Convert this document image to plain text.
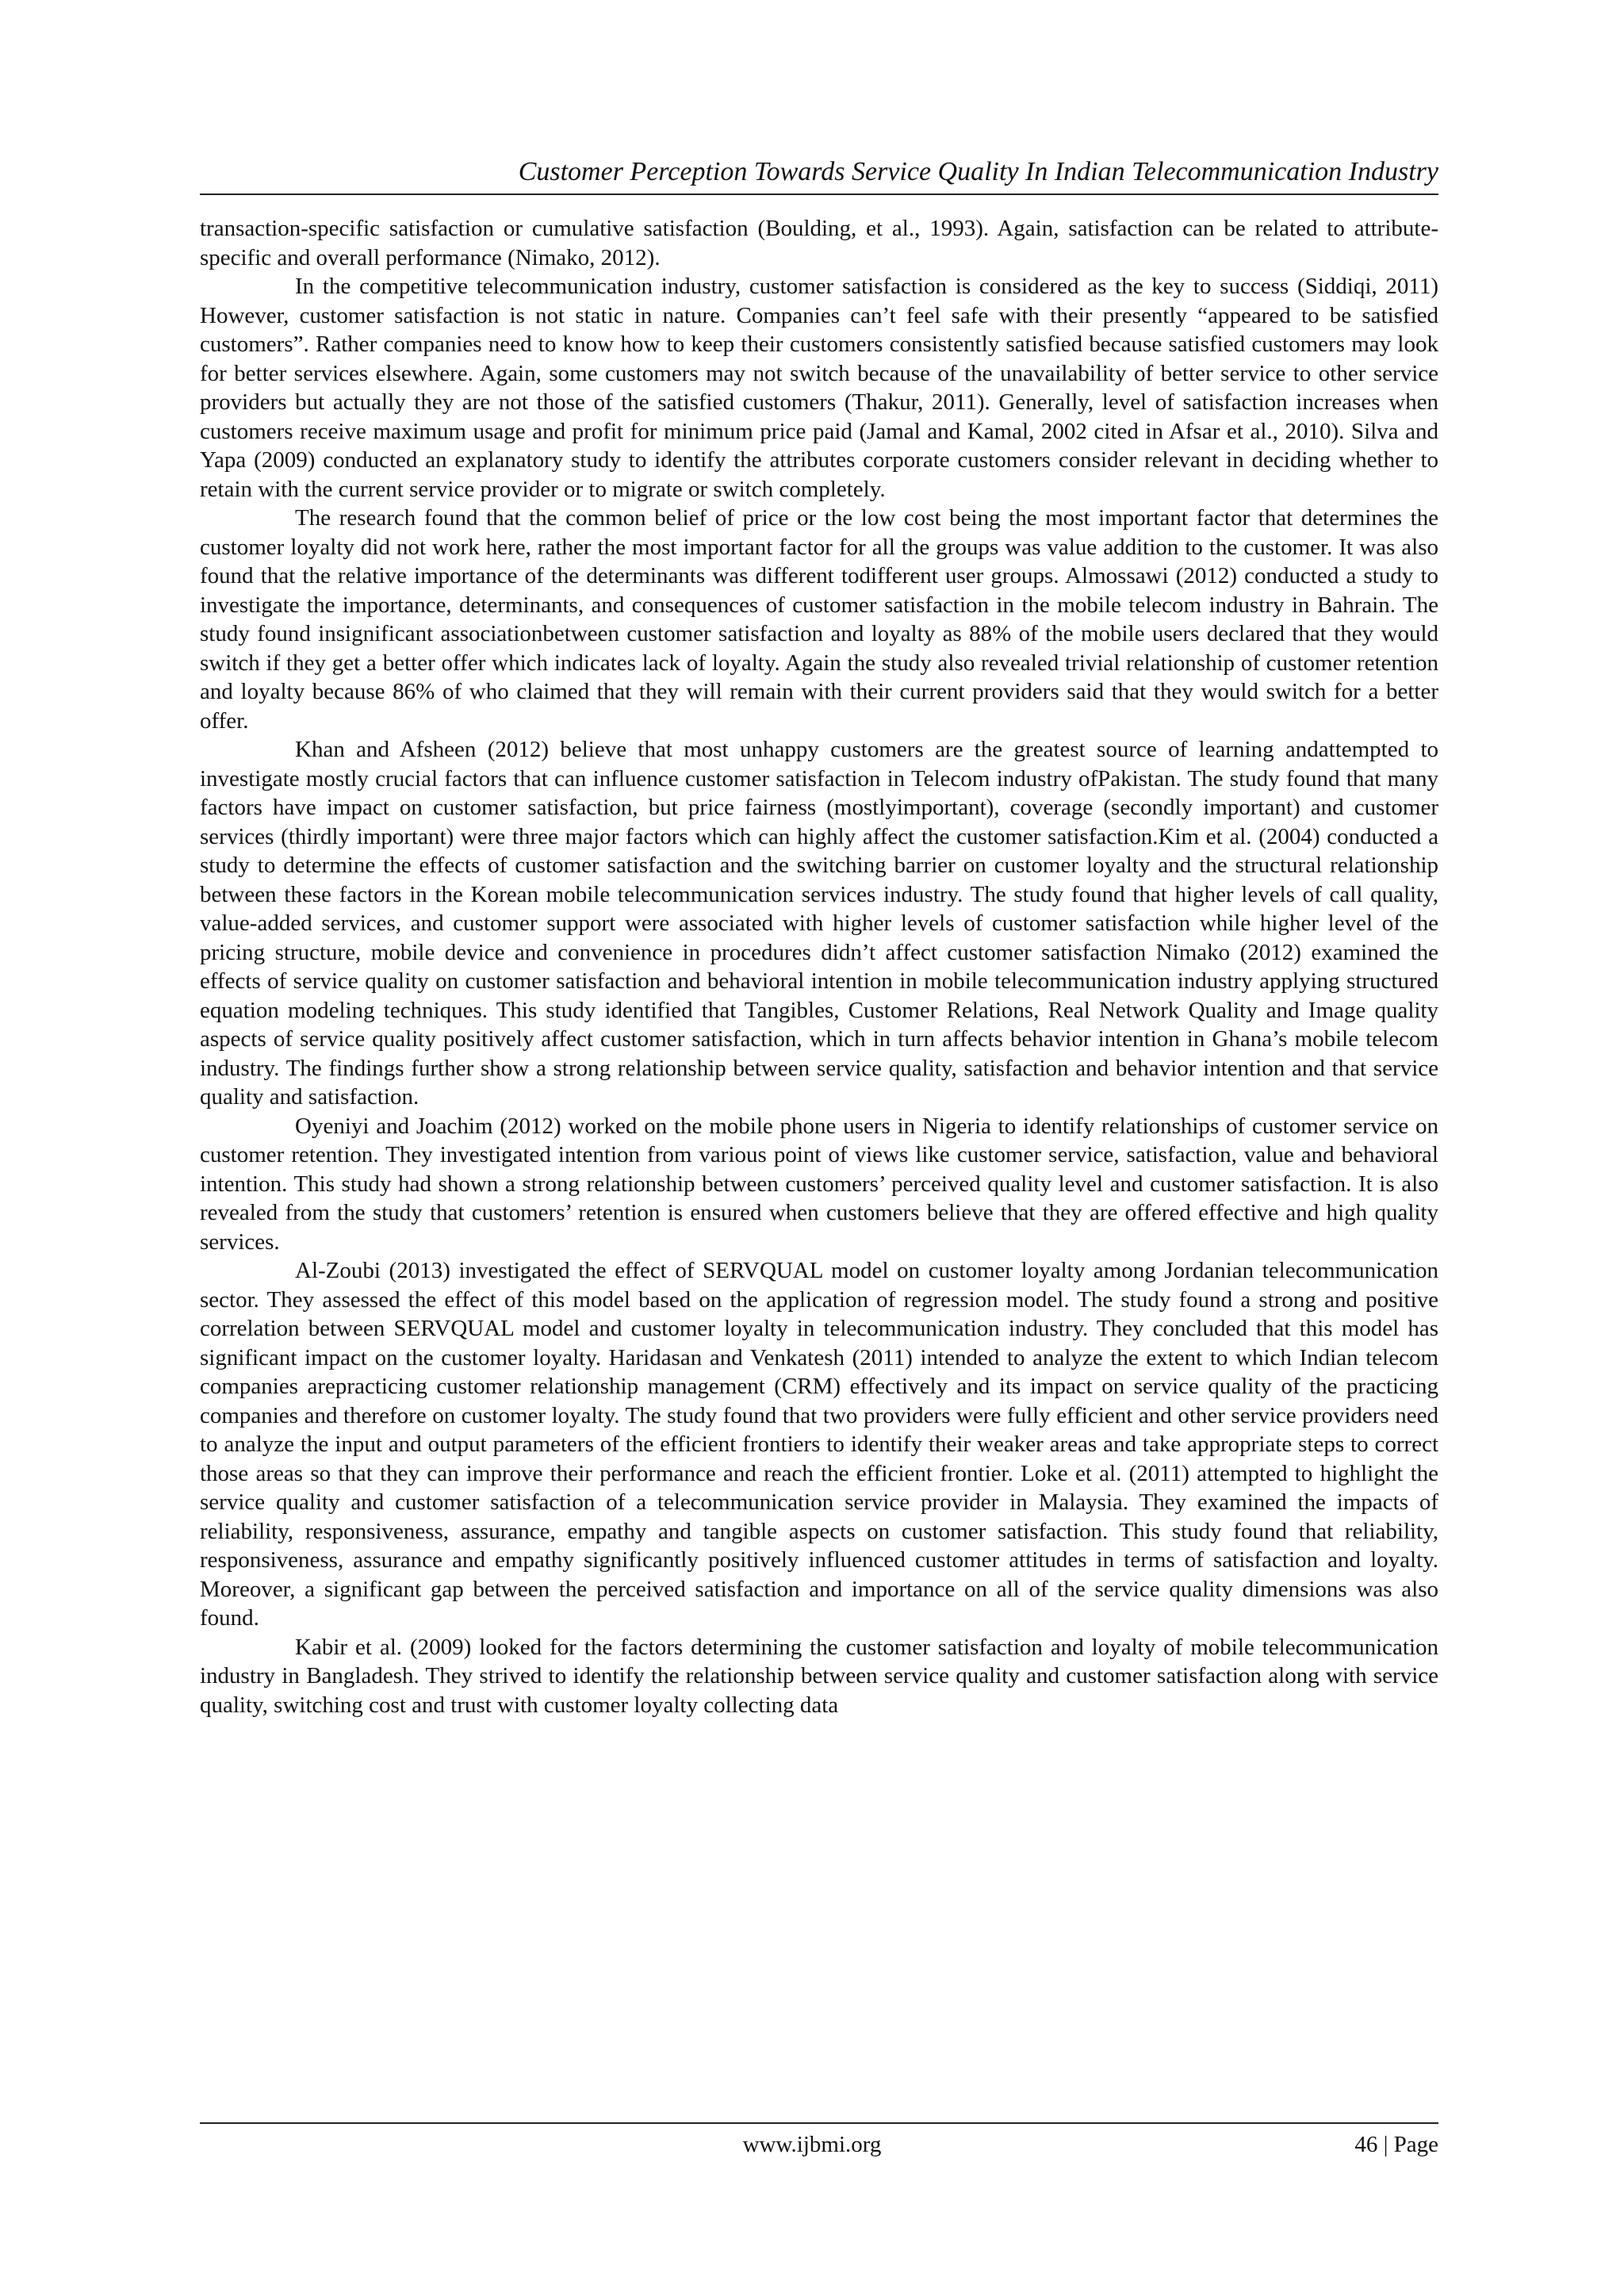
Customer Perception Towards Service Quality In Indian Telecommunication Industry

transaction-specific satisfaction or cumulative satisfaction (Boulding, et al., 1993). Again, satisfaction can be related to attribute-specific and overall performance (Nimako, 2012).

In the competitive telecommunication industry, customer satisfaction is considered as the key to success (Siddiqi, 2011) However, customer satisfaction is not static in nature. Companies can’t feel safe with their presently “appeared to be satisfied customers”. Rather companies need to know how to keep their customers consistently satisfied because satisfied customers may look for better services elsewhere. Again, some customers may not switch because of the unavailability of better service to other service providers but actually they are not those of the satisfied customers (Thakur, 2011). Generally, level of satisfaction increases when customers receive maximum usage and profit for minimum price paid (Jamal and Kamal, 2002 cited in Afsar et al., 2010). Silva and Yapa (2009) conducted an explanatory study to identify the attributes corporate customers consider relevant in deciding whether to retain with the current service provider or to migrate or switch completely.

The research found that the common belief of price or the low cost being the most important factor that determines the customer loyalty did not work here, rather the most important factor for all the groups was value addition to the customer. It was also found that the relative importance of the determinants was different todifferent user groups. Almossawi (2012) conducted a study to investigate the importance, determinants, and consequences of customer satisfaction in the mobile telecom industry in Bahrain. The study found insignificant associationbetween customer satisfaction and loyalty as 88% of the mobile users declared that they would switch if they get a better offer which indicates lack of loyalty. Again the study also revealed trivial relationship of customer retention and loyalty because 86% of who claimed that they will remain with their current providers said that they would switch for a better offer.

Khan and Afsheen (2012) believe that most unhappy customers are the greatest source of learning andattempted to investigate mostly crucial factors that can influence customer satisfaction in Telecom industry ofPakistan. The study found that many factors have impact on customer satisfaction, but price fairness (mostlyimportant), coverage (secondly important) and customer services (thirdly important) were three major factors which can highly affect the customer satisfaction.Kim et al. (2004) conducted a study to determine the effects of customer satisfaction and the switching barrier on customer loyalty and the structural relationship between these factors in the Korean mobile telecommunication services industry. The study found that higher levels of call quality, value-added services, and customer support were associated with higher levels of customer satisfaction while higher level of the pricing structure, mobile device and convenience in procedures didn’t affect customer satisfaction Nimako (2012) examined the effects of service quality on customer satisfaction and behavioral intention in mobile telecommunication industry applying structured equation modeling techniques. This study identified that Tangibles, Customer Relations, Real Network Quality and Image quality aspects of service quality positively affect customer satisfaction, which in turn affects behavior intention in Ghana’s mobile telecom industry. The findings further show a strong relationship between service quality, satisfaction and behavior intention and that service quality and satisfaction.

Oyeniyi and Joachim (2012) worked on the mobile phone users in Nigeria to identify relationships of customer service on customer retention. They investigated intention from various point of views like customer service, satisfaction, value and behavioral intention. This study had shown a strong relationship between customers’ perceived quality level and customer satisfaction. It is also revealed from the study that customers’ retention is ensured when customers believe that they are offered effective and high quality services.

Al-Zoubi (2013) investigated the effect of SERVQUAL model on customer loyalty among Jordanian telecommunication sector. They assessed the effect of this model based on the application of regression model. The study found a strong and positive correlation between SERVQUAL model and customer loyalty in telecommunication industry. They concluded that this model has significant impact on the customer loyalty. Haridasan and Venkatesh (2011) intended to analyze the extent to which Indian telecom companies arepracticing customer relationship management (CRM) effectively and its impact on service quality of the practicing companies and therefore on customer loyalty. The study found that two providers were fully efficient and other service providers need to analyze the input and output parameters of the efficient frontiers to identify their weaker areas and take appropriate steps to correct those areas so that they can improve their performance and reach the efficient frontier. Loke et al. (2011) attempted to highlight the service quality and customer satisfaction of a telecommunication service provider in Malaysia. They examined the impacts of reliability, responsiveness, assurance, empathy and tangible aspects on customer satisfaction. This study found that reliability, responsiveness, assurance and empathy significantly positively influenced customer attitudes in terms of satisfaction and loyalty. Moreover, a significant gap between the perceived satisfaction and importance on all of the service quality dimensions was also found.

Kabir et al. (2009) looked for the factors determining the customer satisfaction and loyalty of mobile telecommunication industry in Bangladesh. They strived to identify the relationship between service quality and customer satisfaction along with service quality, switching cost and trust with customer loyalty collecting data

www.ijbmi.org	46 | Page
